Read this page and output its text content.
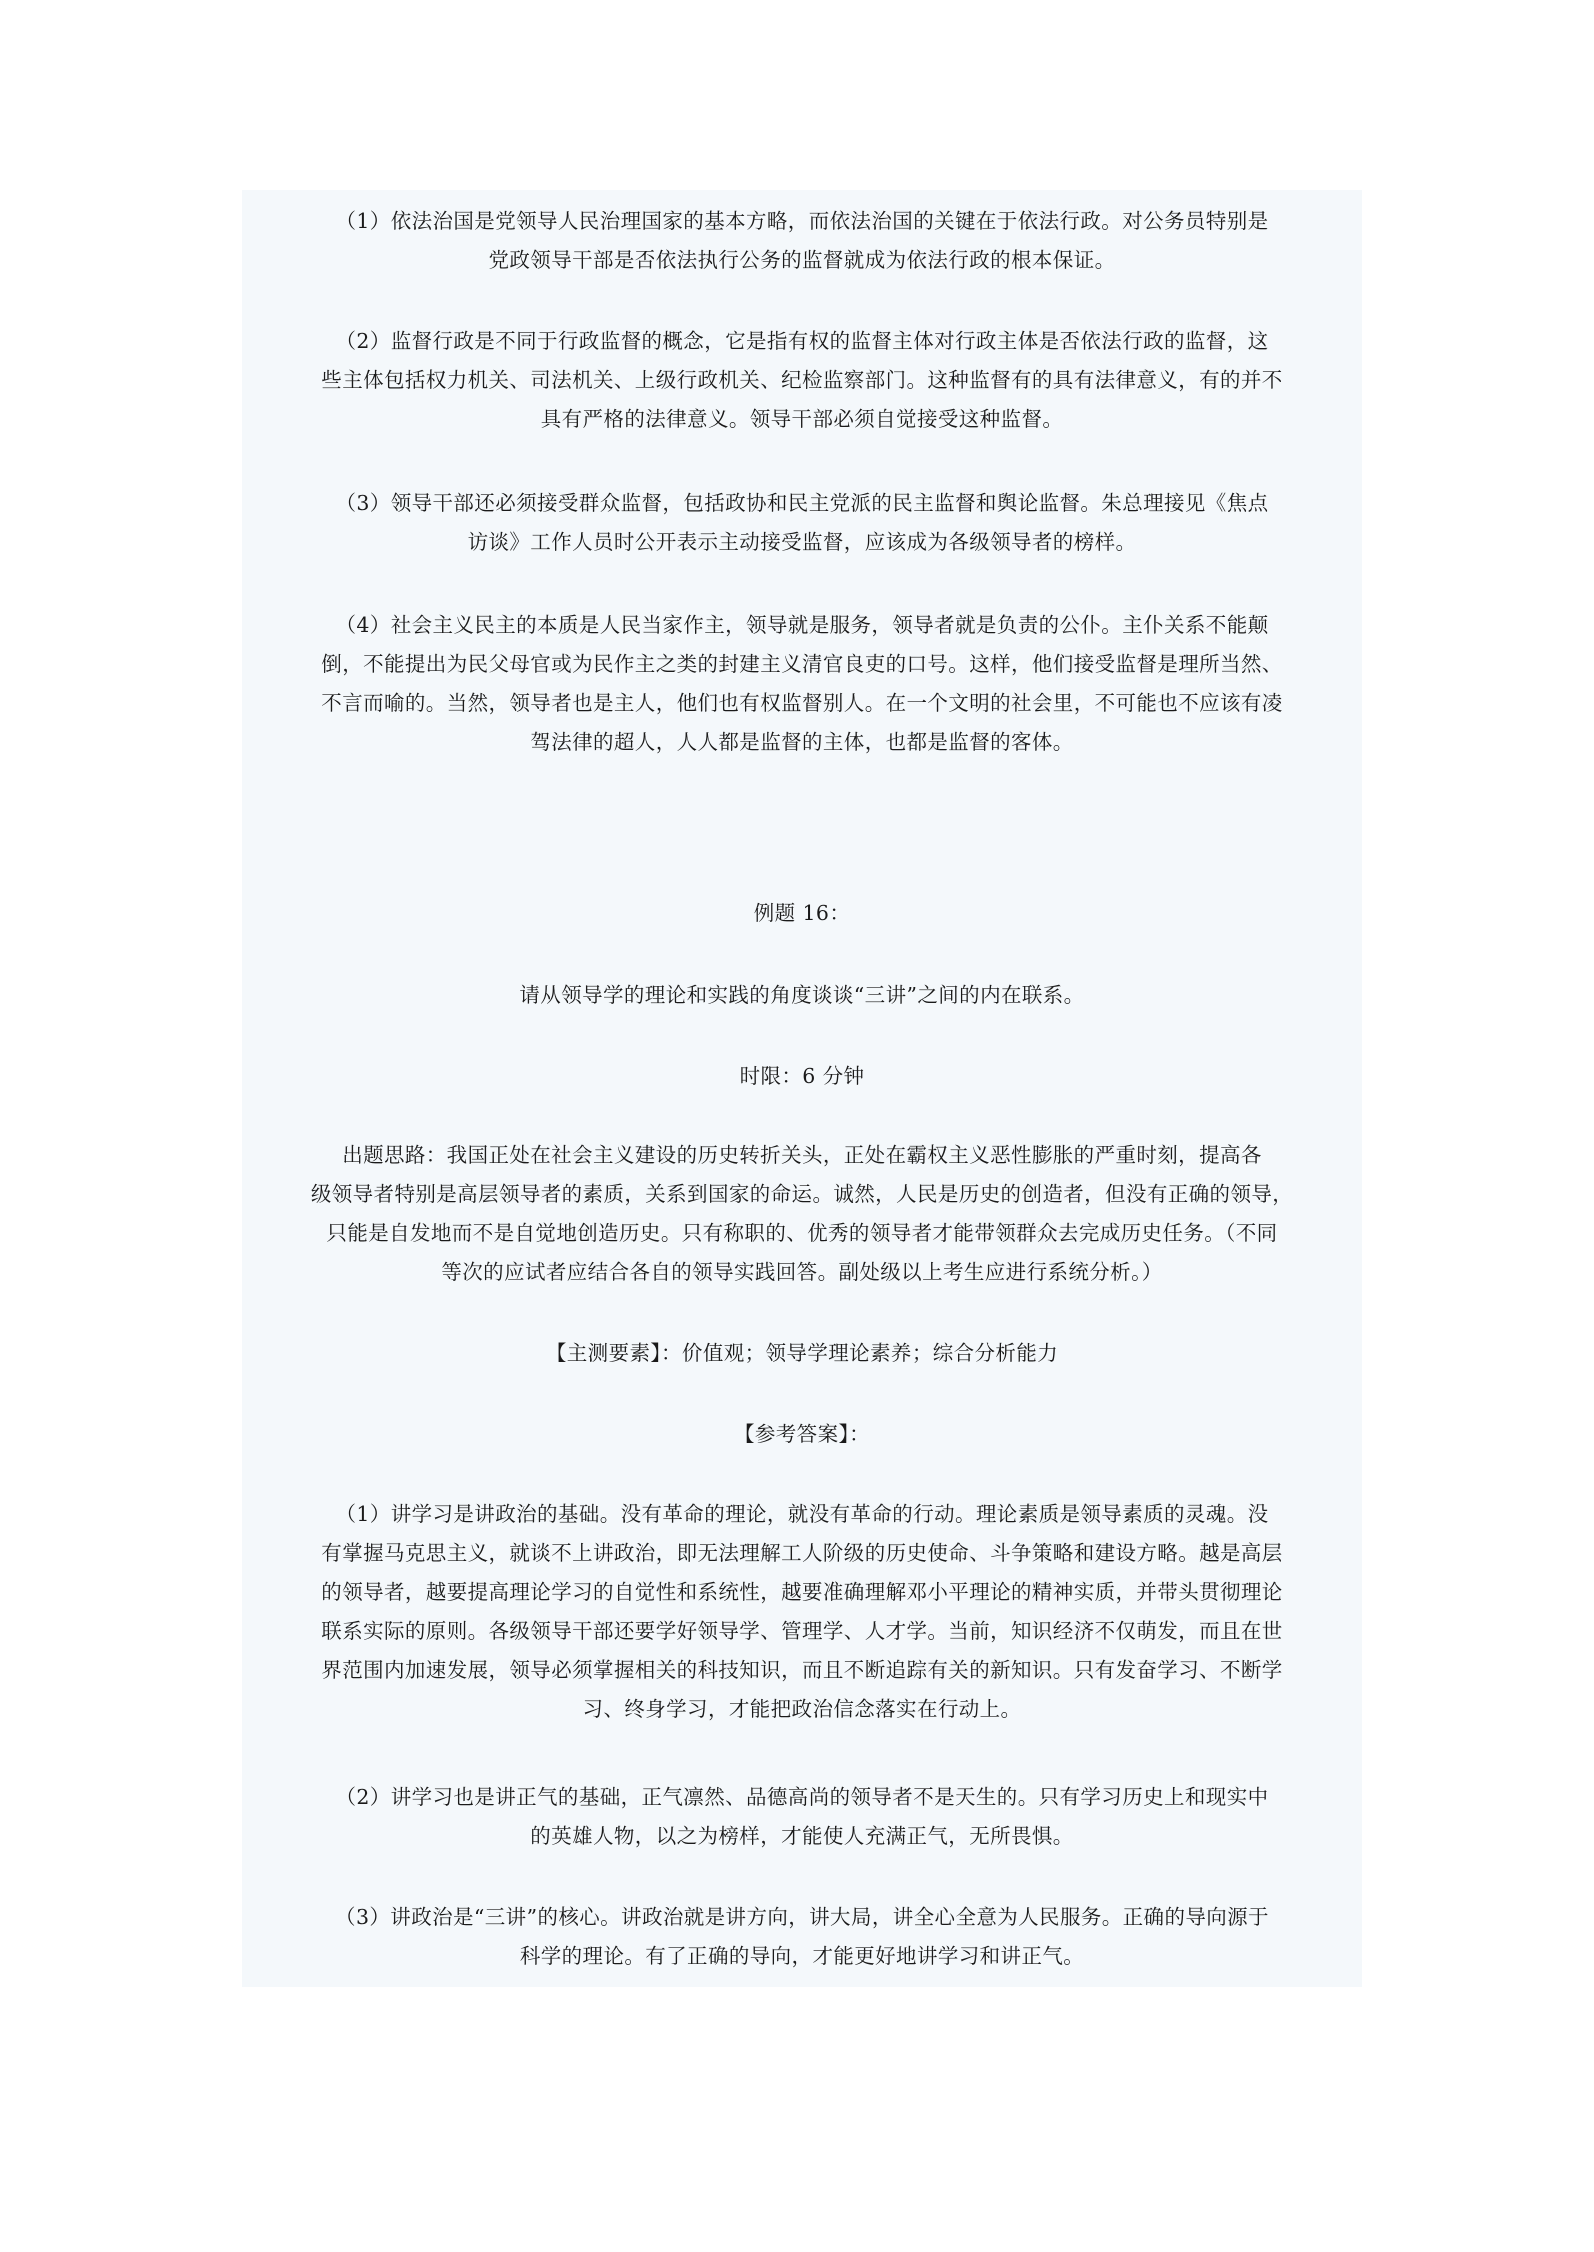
（1）依法治国是党领导人民治理国家的基本方略，而依法治国的关键在于依法行政。对公务员特别是
党政领导干部是否依法执行公务的监督就成为依法行政的根本保证。
（2）监督行政是不同于行政监督的概念，它是指有权的监督主体对行政主体是否依法行政的监督，这
些主体包括权力机关、司法机关、上级行政机关、纪检监察部门。这种监督有的具有法律意义，有的并不
具有严格的法律意义。领导干部必须自觉接受这种监督。
（3）领导干部还必须接受群众监督，包括政协和民主党派的民主监督和舆论监督。朱总理接见《焦点
访谈》工作人员时公开表示主动接受监督，应该成为各级领导者的榜样。
（4）社会主义民主的本质是人民当家作主，领导就是服务，领导者就是负责的公仆。主仆关系不能颠
倒，不能提出为民父母官或为民作主之类的封建主义清官良吏的口号。这样，他们接受监督是理所当然、
不言而喻的。当然，领导者也是主人，他们也有权监督别人。在一个文明的社会里，不可能也不应该有凌
驾法律的超人，人人都是监督的主体，也都是监督的客体。
例题 16：
请从领导学的理论和实践的角度谈谈“三讲”之间的内在联系。
时限：6 分钟
出题思路：我国正处在社会主义建设的历史转折关头，正处在霸权主义恶性膨胀的严重时刻，提高各
级领导者特别是高层领导者的素质，关系到国家的命运。诚然，人民是历史的创造者，但没有正确的领导，
只能是自发地而不是自觉地创造历史。只有称职的、优秀的领导者才能带领群众去完成历史任务。（不同
等次的应试者应结合各自的领导实践回答。副处级以上考生应进行系统分析。）
【主测要素】：价值观；领导学理论素养；综合分析能力
【参考答案】：
（1）讲学习是讲政治的基础。没有革命的理论，就没有革命的行动。理论素质是领导素质的灵魂。没
有掌握马克思主义，就谈不上讲政治，即无法理解工人阶级的历史使命、斗争策略和建设方略。越是高层
的领导者，越要提高理论学习的自觉性和系统性，越要准确理解邓小平理论的精神实质，并带头贯彻理论
联系实际的原则。各级领导干部还要学好领导学、管理学、人才学。当前，知识经济不仅萌发，而且在世
界范围内加速发展，领导必须掌握相关的科技知识，而且不断追踪有关的新知识。只有发奋学习、不断学
习、终身学习，才能把政治信念落实在行动上。
（2）讲学习也是讲正气的基础，正气凛然、品德高尚的领导者不是天生的。只有学习历史上和现实中
的英雄人物，以之为榜样，才能使人充满正气，无所畏惧。
（3）讲政治是“三讲”的核心。讲政治就是讲方向，讲大局，讲全心全意为人民服务。正确的导向源于
科学的理论。有了正确的导向，才能更好地讲学习和讲正气。
